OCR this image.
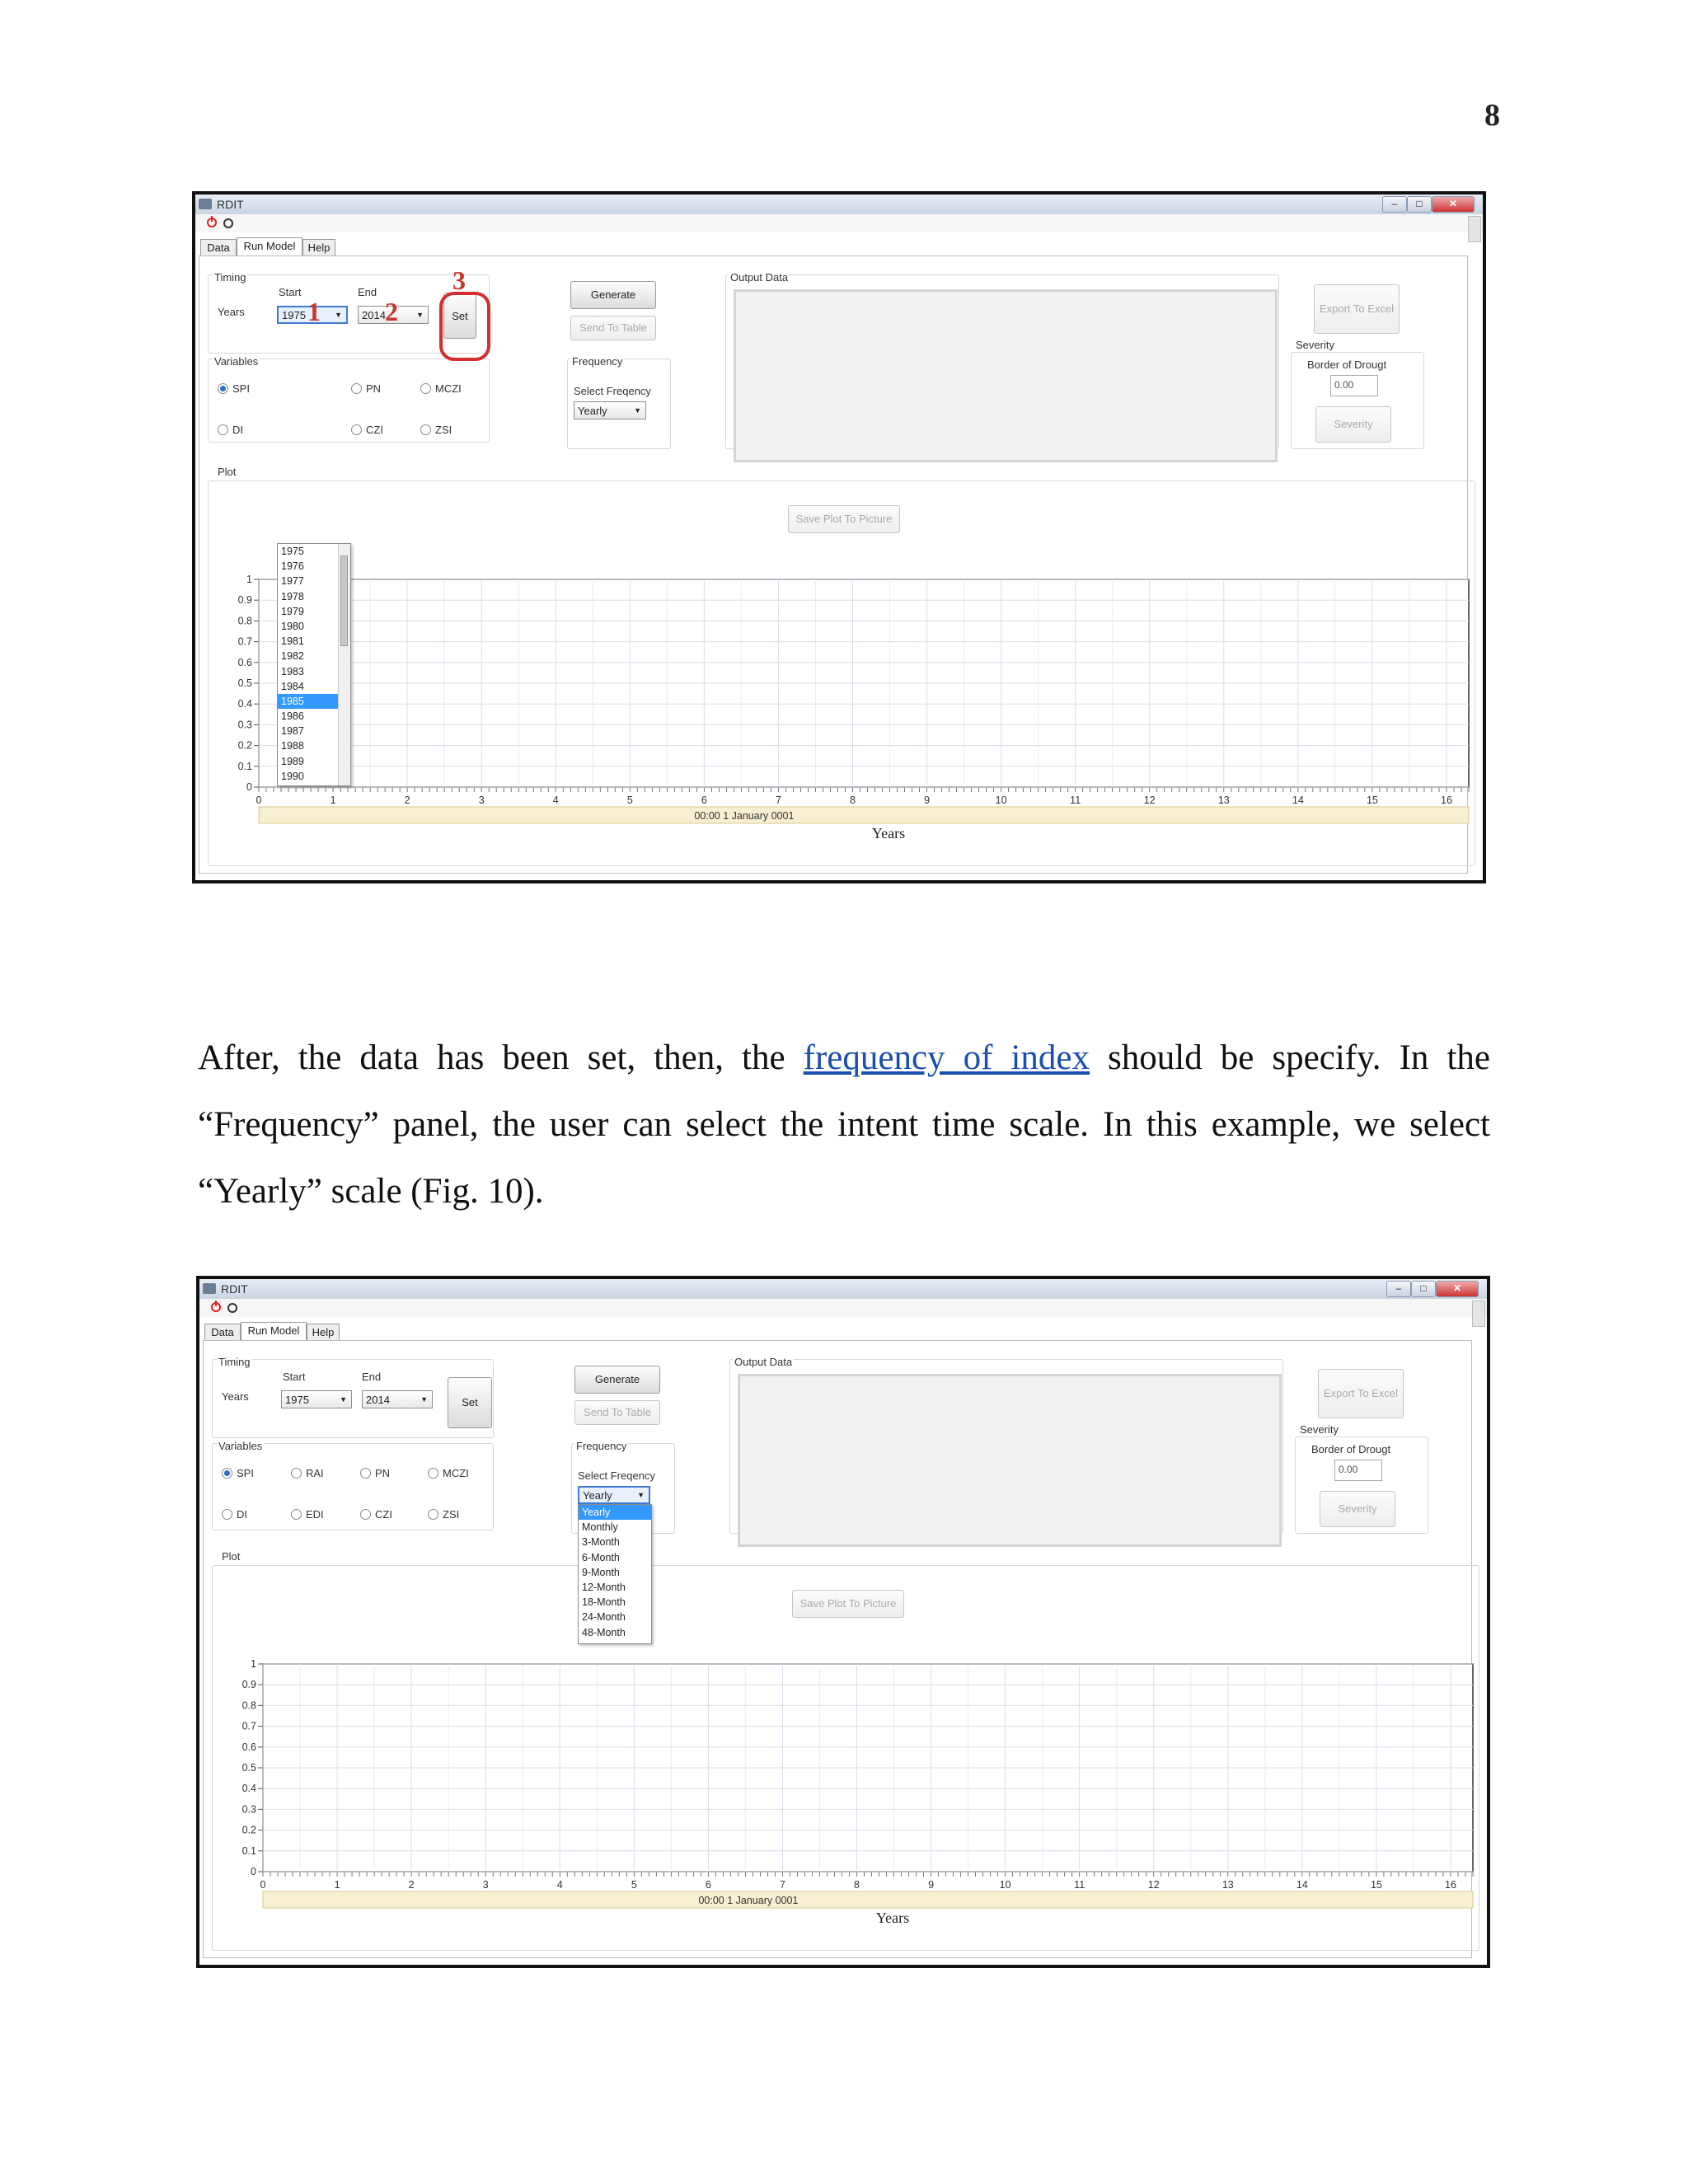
8
RDIT	–	□	✕
Data	Run Model	Help
Timing
Start	End
Years	1975	▼	2014	▼	Set
Variables
SPI	PN	MCZI
DI	CZI	ZSI
Generate
Send To Table
Frequency
Select Freqency
Yearly	▼
Output Data
Export To Excel
Severity
Border of Drougt
0.00
Severity
Plot
Save Plot To Picture
0	1	2	3	4	5	6	7	8	9	10	11	12	13	14	15	16
0
0.1
0.2
0.3
0.4
0.5
0.6
0.7
0.8
0.9
1
00:00 1 January 0001
Years
1975
1976
1977
1978
1979
1980
1981
1982
1983
1984
1985
1986
1987
1988
1989
1990
1 2
3
After, the data has been set, then, the frequency of index should be specify. In the “Frequency” panel, the user can select the intent time scale. In this example, we select “Yearly” scale (Fig. 10).
RDIT	–	□	✕
Data	Run Model	Help
Timing
Start	End
Years	1975	▼	2014	▼	Set
Variables
SPI	RAI	PN	MCZI
DI	EDI	CZI	ZSI
Generate
Send To Table
Frequency
Select Freqency
Yearly	▼
Output Data
Export To Excel
Severity
Border of Drougt
0.00
Severity
Plot
Save Plot To Picture
0	1	2	3	4	5	6	7	8	9	10	11	12	13	14	15	16
0
0.1
0.2
0.3
0.4
0.5
0.6
0.7
0.8
0.9
1
00:00 1 January 0001
Years
Yearly
Monthly
3-Month
6-Month
9-Month
12-Month
18-Month
24-Month
48-Month
